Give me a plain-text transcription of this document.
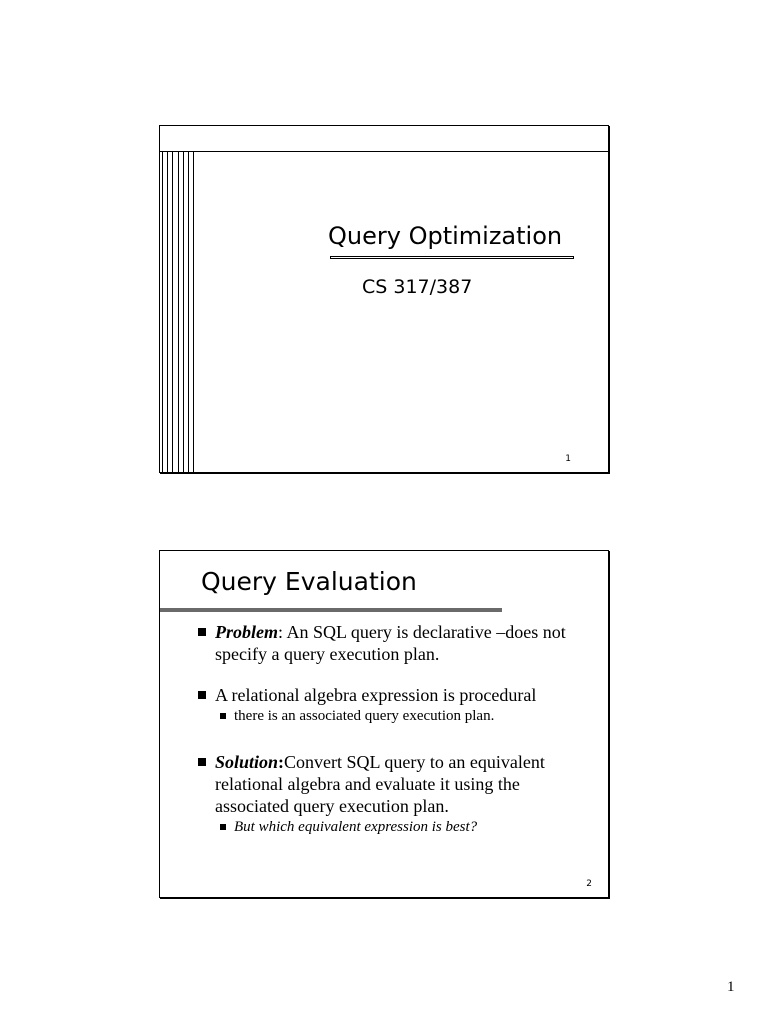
Query Optimization
CS 317/387
1
Query Evaluation
Problem: An SQL query is declarative –does not specify a query execution plan.
A relational algebra expression is procedural
there is an associated query execution plan.
Solution:Convert SQL query to an equivalent relational algebra and evaluate it using the associated query execution plan.
But which equivalent expression is best?
2
1
